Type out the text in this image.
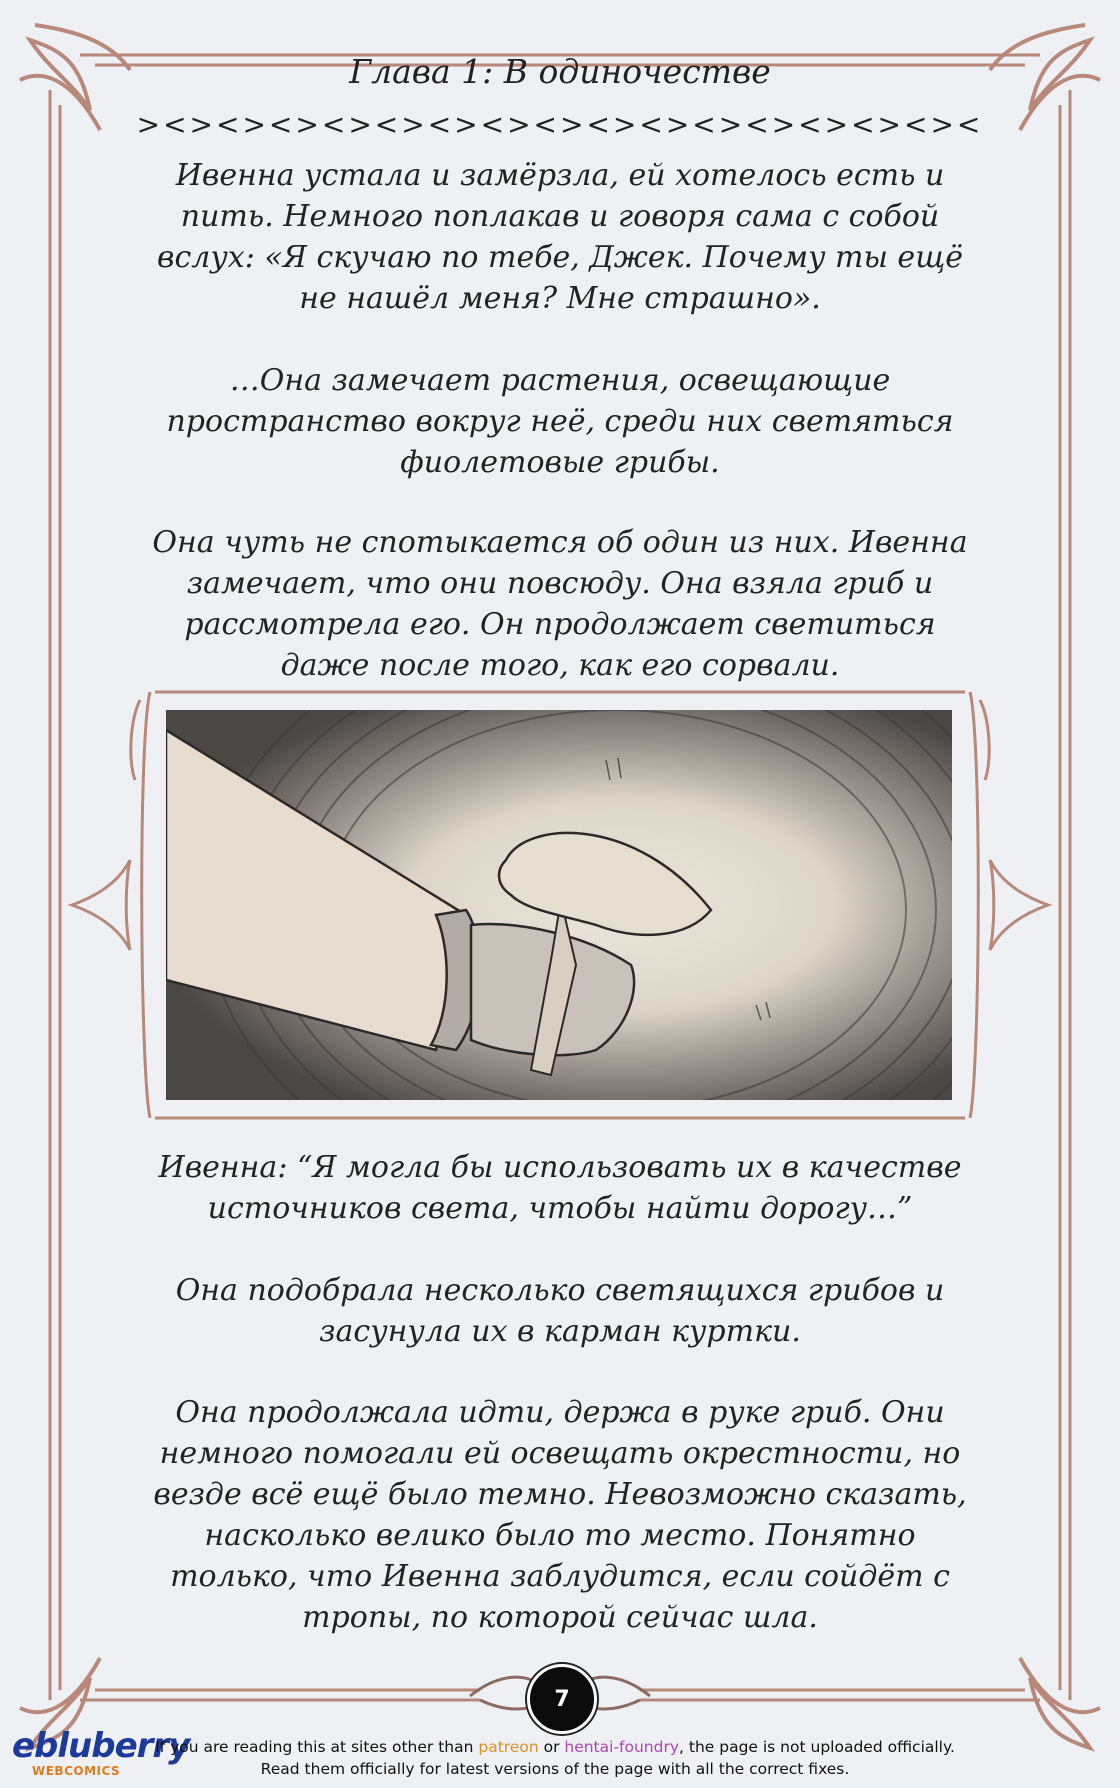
Глава 1: В одиночестве
><><><><><><><><><><><><><><><><
Ивенна устала и замёрзла, ей хотелось есть и пить. Немного поплакав и говоря сама с собой вслух: «Я скучаю по тебе, Джек. Почему ты ещё не нашёл меня? Мне страшно».
…Она замечает растения, освещающие пространство вокруг неё, среди них светяться фиолетовые грибы.
Она чуть не спотыкается об один из них. Ивенна замечает, что они повсюду. Она взяла гриб и рассмотрела его. Он продолжает светиться даже после того, как его сорвали.
Ивенна: “Я могла бы использовать их в качестве источников света, чтобы найти дорогу…”
Она подобрала несколько светящихся грибов и засунула их в карман куртки.
Она продолжала идти, держа в руке гриб. Они немного помогали ей освещать окрестности, но везде всё ещё было темно. Невозможно сказать, насколько велико было то место. Понятно только, что Ивенна заблудится, если сойдёт с тропы, по которой сейчас шла.
7
ebluberry
WEBCOMICS
If you are reading this at sites other than patreon or hentai-foundry, the page is not uploaded officially.
Read them officially for latest versions of the page with all the correct fixes.
